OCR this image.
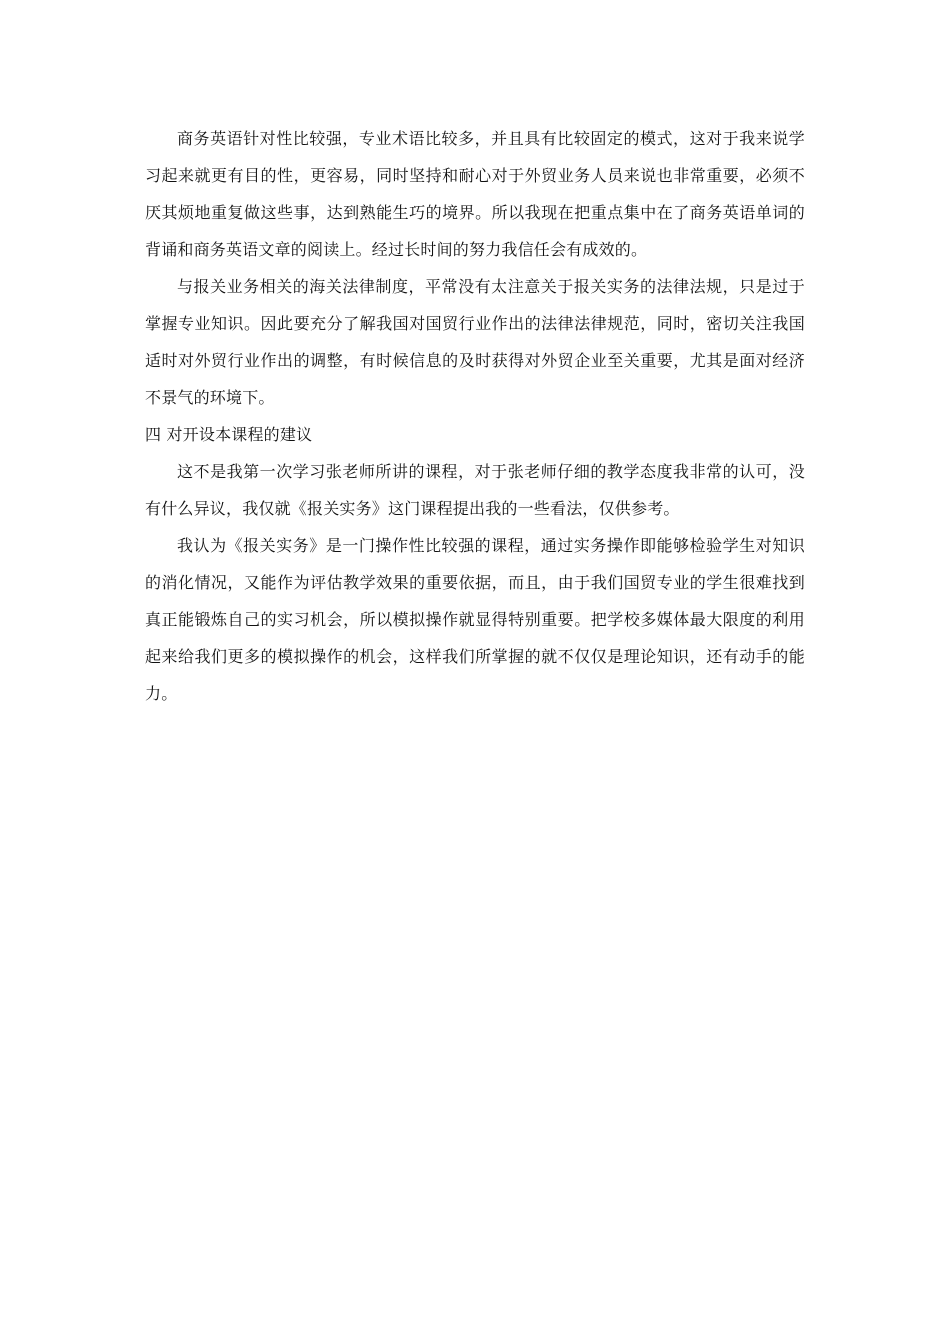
商务英语针对性比较强，专业术语比较多，并且具有比较固定的模式，这对于我来说学习起来就更有目的性，更容易，同时坚持和耐心对于外贸业务人员来说也非常重要，必须不厌其烦地重复做这些事，达到熟能生巧的境界。所以我现在把重点集中在了商务英语单词的背诵和商务英语文章的阅读上。经过长时间的努力我信任会有成效的。

与报关业务相关的海关法律制度，平常没有太注意关于报关实务的法律法规，只是过于掌握专业知识。因此要充分了解我国对国贸行业作出的法律法律规范，同时，密切关注我国适时对外贸行业作出的调整，有时候信息的及时获得对外贸企业至关重要，尤其是面对经济不景气的环境下。

四 对开设本课程的建议

这不是我第一次学习张老师所讲的课程，对于张老师仔细的教学态度我非常的认可，没有什么异议，我仅就《报关实务》这门课程提出我的一些看法，仅供参考。

我认为《报关实务》是一门操作性比较强的课程，通过实务操作即能够检验学生对知识的消化情况，又能作为评估教学效果的重要依据，而且，由于我们国贸专业的学生很难找到真正能锻炼自己的实习机会，所以模拟操作就显得特别重要。把学校多媒体最大限度的利用起来给我们更多的模拟操作的机会，这样我们所掌握的就不仅仅是理论知识，还有动手的能力。
